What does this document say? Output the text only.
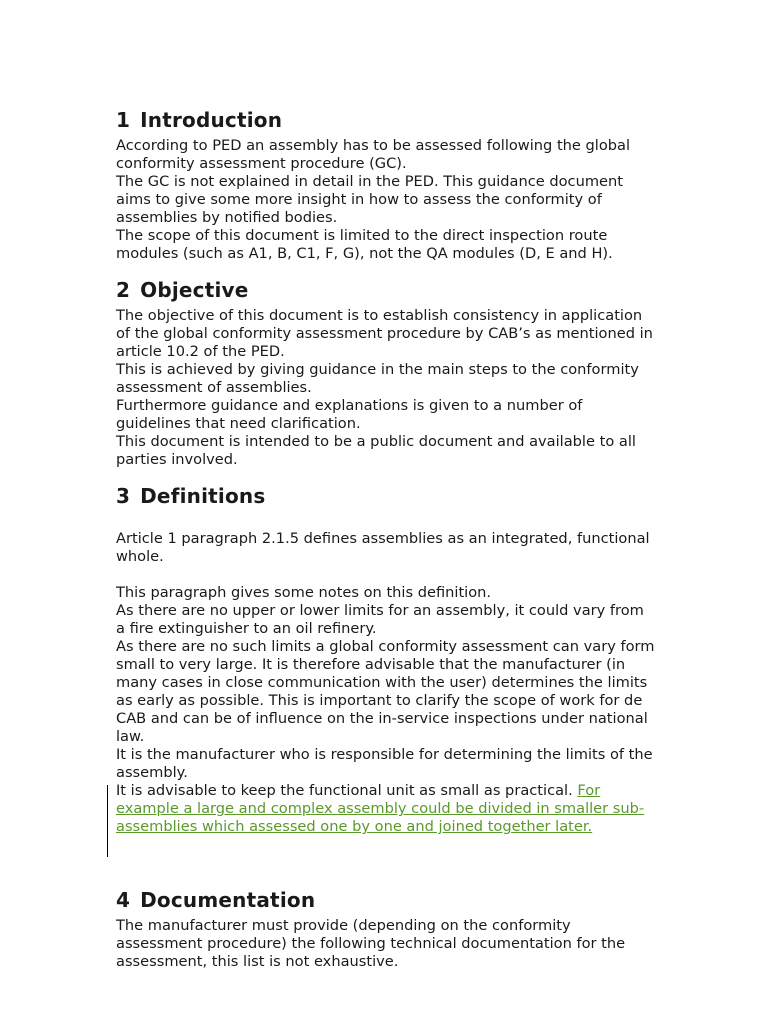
1 Introduction

According to PED an assembly has to be assessed following the global conformity assessment procedure (GC).

The GC is not explained in detail in the PED. This guidance document aims to give some more insight in how to assess the conformity of assemblies by notified bodies.

The scope of this document is limited to the direct inspection route modules (such as A1, B, C1, F, G), not the QA modules (D, E and H).

2 Objective

The objective of this document is to establish consistency in application of the global conformity assessment procedure by CAB’s as mentioned in article 10.2 of the PED.

This is achieved by giving guidance in the main steps to the conformity assessment of assemblies.

Furthermore guidance and explanations is given to a number of guidelines that need clarification.

This document is intended to be a public document and available to all parties involved.

3 Definitions

Article 1 paragraph 2.1.5 defines assemblies as an integrated, functional whole.

This paragraph gives some notes on this definition.

As there are no upper or lower limits for an assembly, it could vary from a fire extinguisher to an oil refinery.

As there are no such limits a global conformity assessment can vary form small to very large. It is therefore advisable that the manufacturer (in many cases in close communication with the user) determines the limits as early as possible. This is important to clarify the scope of work for de CAB and can be of influence on the in-service inspections under national law.

It is the manufacturer who is responsible for determining the limits of the assembly.

It is advisable to keep the functional unit as small as practical. For example a large and complex assembly could be divided in smaller sub-assemblies which assessed one by one and joined together later.

4 Documentation

The manufacturer must provide (depending on the conformity assessment procedure) the following technical documentation for the assessment, this list is not exhaustive.
